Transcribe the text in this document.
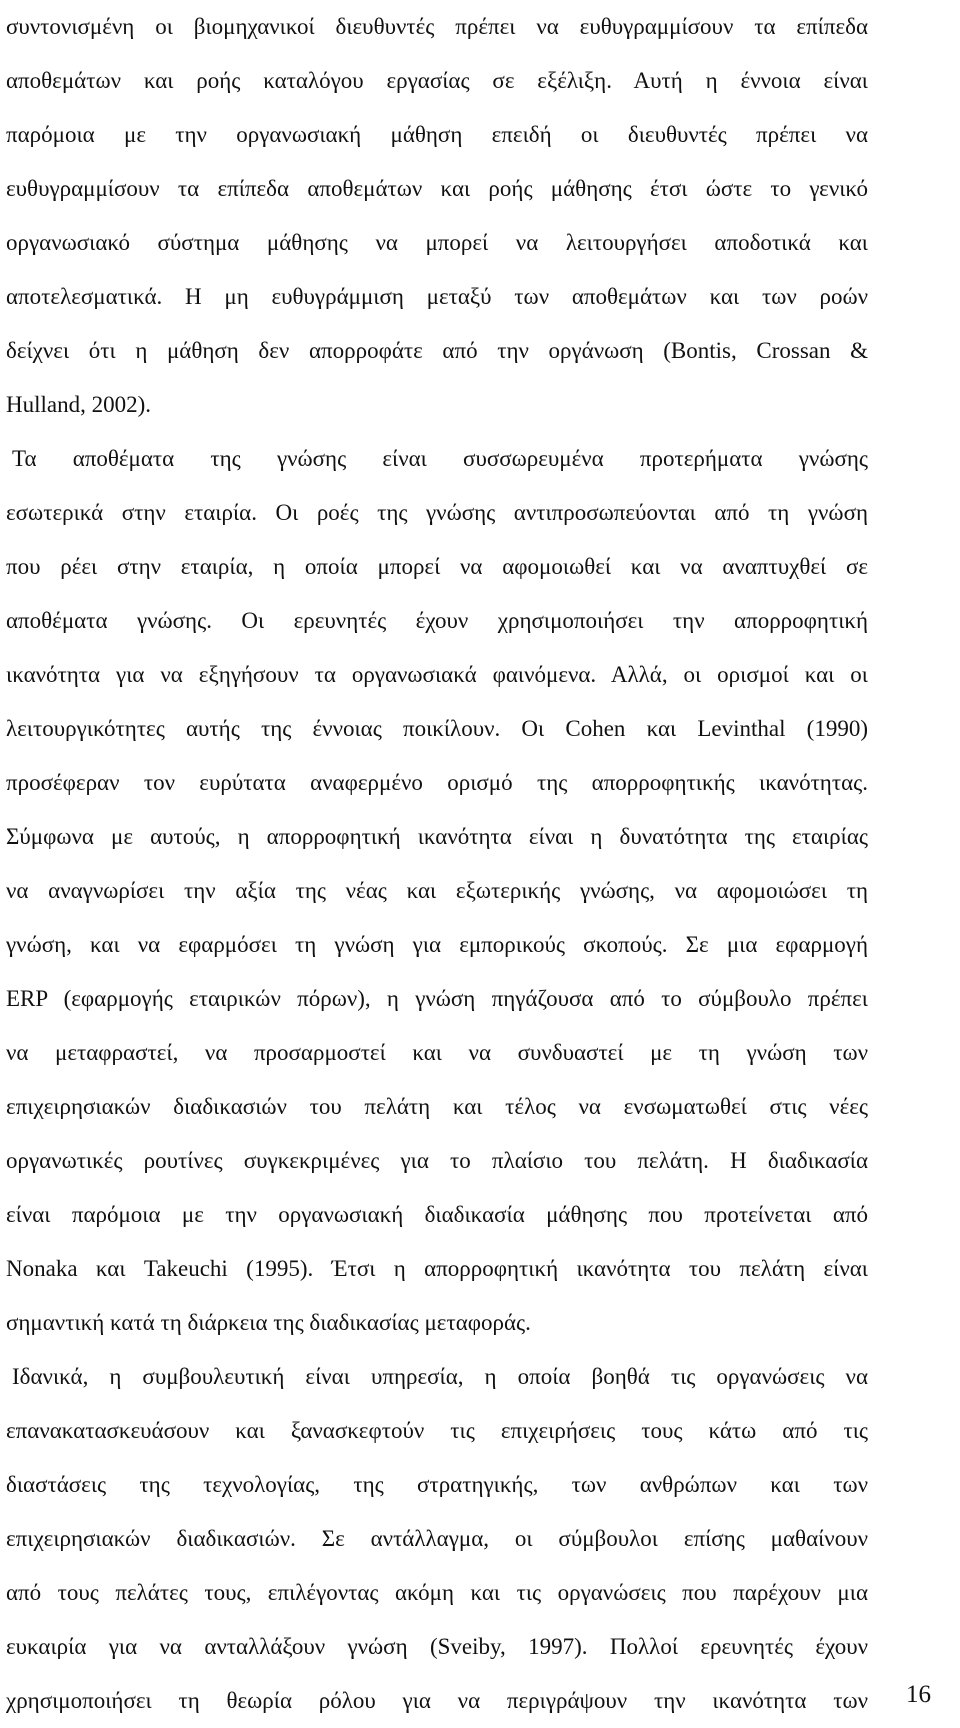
συντονισμένη οι βιομηχανικοί διευθυντές πρέπει να ευθυγραμμίσουν τα επίπεδα
αποθεμάτων και ροής καταλόγου εργασίας σε εξέλιξη. Αυτή η έννοια είναι
παρόμοια με την οργανωσιακή μάθηση επειδή οι διευθυντές πρέπει να
ευθυγραμμίσουν τα επίπεδα αποθεμάτων και ροής μάθησης έτσι ώστε το γενικό
οργανωσιακό σύστημα μάθησης να μπορεί να λειτουργήσει αποδοτικά και
αποτελεσματικά. Η μη ευθυγράμμιση μεταξύ των αποθεμάτων και των ροών
δείχνει ότι η μάθηση δεν απορροφάτε από την οργάνωση (Bontis, Crossan &
Hulland, 2002).
Τα αποθέματα της γνώσης είναι συσσωρευμένα προτερήματα γνώσης
εσωτερικά στην εταιρία. Οι ροές της γνώσης αντιπροσωπεύονται από τη γνώση
που ρέει στην εταιρία, η οποία μπορεί να αφομοιωθεί και να αναπτυχθεί σε
αποθέματα γνώσης. Οι ερευνητές έχουν χρησιμοποιήσει την απορροφητική
ικανότητα για να εξηγήσουν τα οργανωσιακά φαινόμενα. Αλλά, οι ορισμοί και οι
λειτουργικότητες αυτής της έννοιας ποικίλουν. Οι Cohen και Levinthal (1990)
προσέφεραν τον ευρύτατα αναφερμένο ορισμό της απορροφητικής ικανότητας.
Σύμφωνα με αυτούς, η απορροφητική ικανότητα είναι η δυνατότητα της εταιρίας
να αναγνωρίσει την αξία της νέας και εξωτερικής γνώσης, να αφομοιώσει τη
γνώση, και να εφαρμόσει τη γνώση για εμπορικούς σκοπούς. Σε μια εφαρμογή
ERP (εφαρμογής εταιρικών πόρων), η γνώση πηγάζουσα από το σύμβουλο πρέπει
να μεταφραστεί, να προσαρμοστεί και να συνδυαστεί με τη γνώση των
επιχειρησιακών διαδικασιών του πελάτη και τέλος να ενσωματωθεί στις νέες
οργανωτικές ρουτίνες συγκεκριμένες για το πλαίσιο του πελάτη. Η διαδικασία
είναι παρόμοια με την οργανωσιακή διαδικασία μάθησης που προτείνεται από
Nonaka και Takeuchi (1995). Έτσι η απορροφητική ικανότητα του πελάτη είναι
σημαντική κατά τη διάρκεια της διαδικασίας μεταφοράς.
Ιδανικά, η συμβουλευτική είναι υπηρεσία, η οποία βοηθά τις οργανώσεις να
επανακατασκευάσουν και ξανασκεφτούν τις επιχειρήσεις τους κάτω από τις
διαστάσεις της τεχνολογίας, της στρατηγικής, των ανθρώπων και των
επιχειρησιακών διαδικασιών. Σε αντάλλαγμα, οι σύμβουλοι επίσης μαθαίνουν
από τους πελάτες τους, επιλέγοντας ακόμη και τις οργανώσεις που παρέχουν μια
ευκαιρία για να ανταλλάξουν γνώση (Sveiby, 1997). Πολλοί ερευνητές έχουν
χρησιμοποιήσει τη θεωρία ρόλου για να περιγράψουν την ικανότητα των 16
